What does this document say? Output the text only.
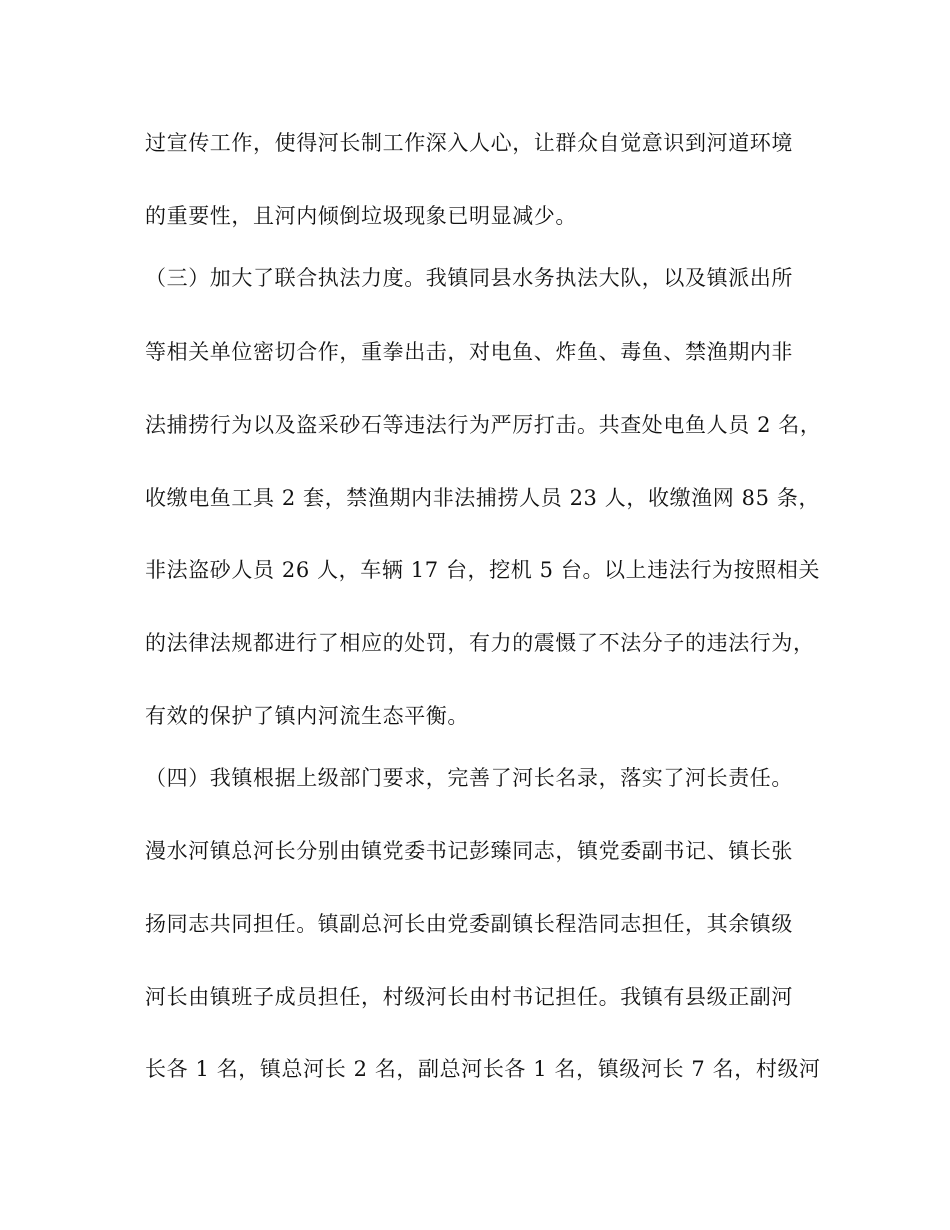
过宣传工作，使得河长制工作深入人心，让群众自觉意识到河道环境
的重要性，且河内倾倒垃圾现象已明显减少。
（三）加大了联合执法力度。我镇同县水务执法大队，以及镇派出所
等相关单位密切合作，重拳出击，对电鱼、炸鱼、毒鱼、禁渔期内非
法捕捞行为以及盗采砂石等违法行为严厉打击。共查处电鱼人员 2 名，
收缴电鱼工具 2 套，禁渔期内非法捕捞人员 23 人，收缴渔网 85 条，
非法盗砂人员 26 人，车辆 17 台，挖机 5 台。以上违法行为按照相关
的法律法规都进行了相应的处罚，有力的震慑了不法分子的违法行为，
有效的保护了镇内河流生态平衡。
（四）我镇根据上级部门要求，完善了河长名录，落实了河长责任。
漫水河镇总河长分别由镇党委书记彭臻同志，镇党委副书记、镇长张
扬同志共同担任。镇副总河长由党委副镇长程浩同志担任，其余镇级
河长由镇班子成员担任，村级河长由村书记担任。我镇有县级正副河
长各 1 名，镇总河长 2 名，副总河长各 1 名，镇级河长 7 名，村级河
